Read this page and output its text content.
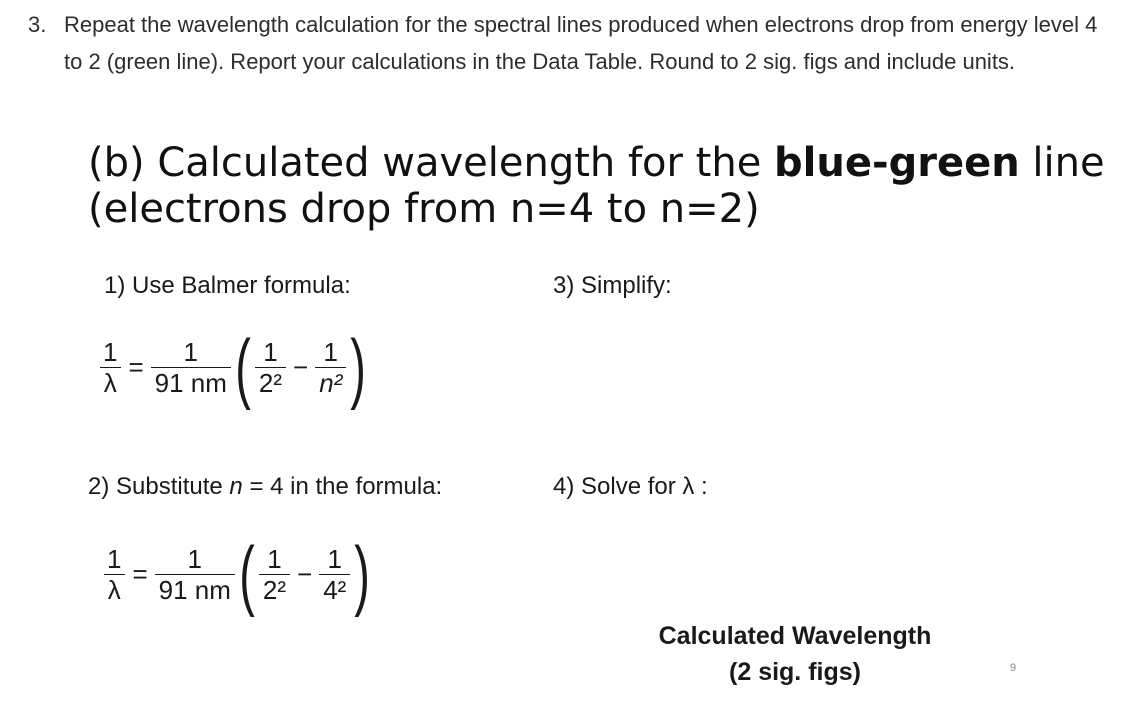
3. Repeat the wavelength calculation for the spectral lines produced when electrons drop from energy level 4 to 2 (green line). Report your calculations in the Data Table. Round to 2 sig. figs and include units.
(b) Calculated wavelength for the blue-green line
(electrons drop from n=4 to n=2)
1) Use Balmer formula:	3) Simplify:
$\frac{1}{\lambda} = \frac{1}{91 nm}$ ( $\frac{1}{\text{2²}} - \frac{1}{\text{n²}}$ )
2) Substitute n = 4 in the formula:	4) Solve for λ :
$\frac{1}{\lambda} = \frac{1}{91 nm}$ ( $\frac{1}{\text{2²}} - \frac{1}{\text{4²}}$ )
Calculated Wavelength
(2 sig. figs)	9
